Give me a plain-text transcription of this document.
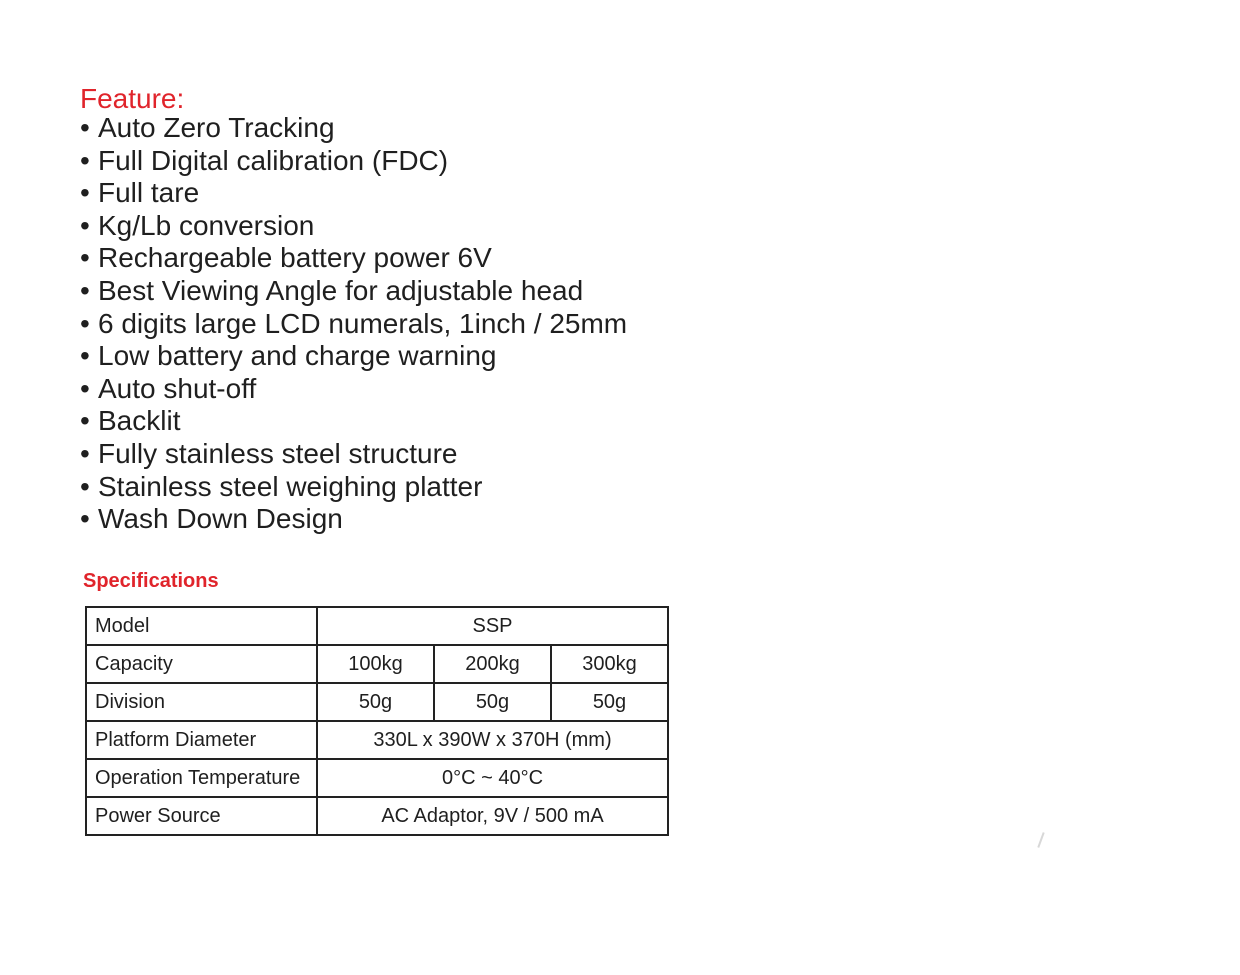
Feature:
• Auto Zero Tracking
• Full Digital calibration (FDC)
• Full tare
• Kg/Lb conversion
• Rechargeable battery power 6V
• Best Viewing Angle for adjustable head
• 6 digits large LCD numerals, 1inch / 25mm
• Low battery and charge warning
• Auto shut-off
• Backlit
• Fully stainless steel structure
• Stainless steel weighing platter
• Wash Down Design
Specifications
Model	SSP		
Capacity	100kg	200kg	300kg
Division	50g	50g	50g
Platform Diameter	330L x 390W x 370H (mm)		
Operation Temperature	0°C ~ 40°C		
Power Source	AC Adaptor, 9V / 500 mA		
